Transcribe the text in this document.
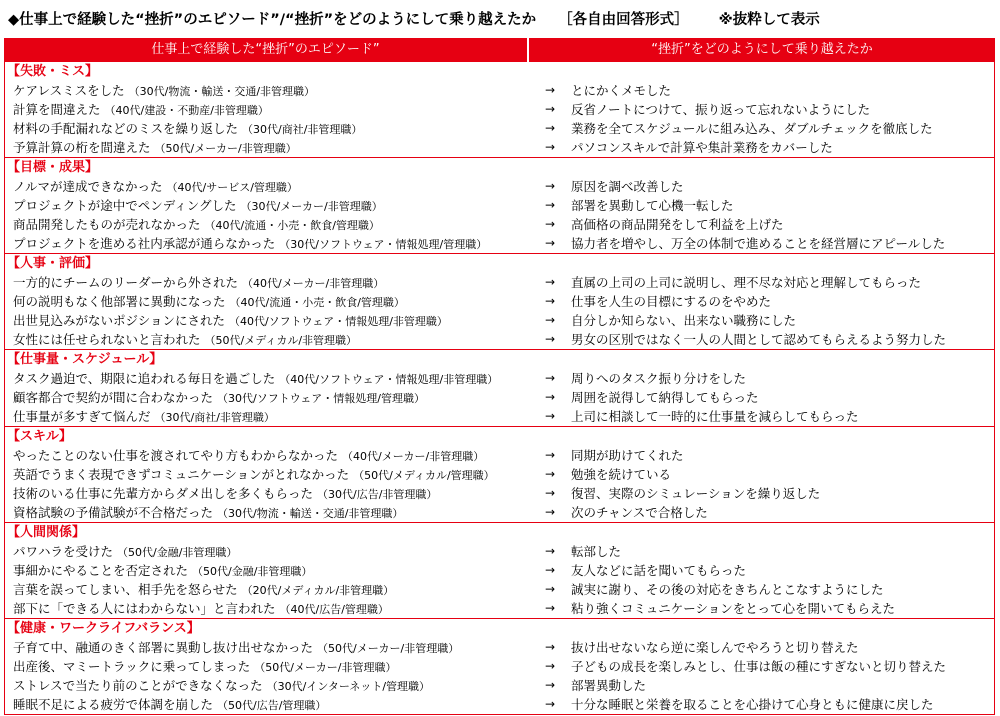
◆仕事上で経験した“挫折”のエピソード”/“挫折”をどのようにして乗り越えたか ［各自由回答形式］ ※抜粋して表示
仕事上で経験した“挫折”のエピソード”	“挫折”をどのようにして乗り越えたか
【失敗・ミス】
ケアレスミスをした （30代/物流・輸送・交通/非管理職）	→ とにかくメモした
計算を間違えた （40代/建設・不動産/非管理職）	→ 反省ノートにつけて、振り返って忘れないようにした
材料の手配漏れなどのミスを繰り返した （30代/商社/非管理職）	→ 業務を全てスケジュールに組み込み、ダブルチェックを徹底した
予算計算の桁を間違えた （50代/メーカー/非管理職）	→ パソコンスキルで計算や集計業務をカバーした
【目標・成果】
ノルマが達成できなかった （40代/サービス/管理職）	→ 原因を調べ改善した
プロジェクトが途中でペンディングした （30代/メーカー/非管理職）	→ 部署を異動して心機一転した
商品開発したものが売れなかった （40代/流通・小売・飲食/管理職）	→ 高価格の商品開発をして利益を上げた
プロジェクトを進める社内承認が通らなかった （30代/ソフトウェア・情報処理/管理職）	→ 協力者を増やし、万全の体制で進めることを経営層にアピールした
【人事・評価】
一方的にチームのリーダーから外された （40代/メーカー/非管理職）	→ 直属の上司の上司に説明し、理不尽な対応と理解してもらった
何の説明もなく他部署に異動になった （40代/流通・小売・飲食/管理職）	→ 仕事を人生の目標にするのをやめた
出世見込みがないポジションにされた （40代/ソフトウェア・情報処理/非管理職）	→ 自分しか知らない、出来ない職務にした
女性には任せられないと言われた （50代/メディカル/非管理職）	→ 男女の区別ではなく一人の人間として認めてもらえるよう努力した
【仕事量・スケジュール】
タスク過迫で、期限に追われる毎日を過ごした （40代/ソフトウェア・情報処理/非管理職）	→ 周りへのタスク振り分けをした
顧客都合で契約が間に合わなかった （30代/ソフトウェア・情報処理/管理職）	→ 周囲を説得して納得してもらった
仕事量が多すぎて悩んだ （30代/商社/非管理職）	→ 上司に相談して一時的に仕事量を減らしてもらった
【スキル】
やったことのない仕事を渡されてやり方もわからなかった （40代/メーカー/非管理職）	→ 同期が助けてくれた
英語でうまく表現できずコミュニケーションがとれなかった （50代/メディカル/管理職）	→ 勉強を続けている
技術のいる仕事に先輩方からダメ出しを多くもらった （30代/広告/非管理職）	→ 復習、実際のシミュレーションを繰り返した
資格試験の予備試験が不合格だった （30代/物流・輸送・交通/非管理職）	→ 次のチャンスで合格した
【人間関係】
パワハラを受けた （50代/金融/非管理職）	→ 転部した
事細かにやることを否定された （50代/金融/非管理職）	→ 友人などに話を聞いてもらった
言葉を誤ってしまい、相手先を怒らせた （20代/メディカル/非管理職）	→ 誠実に謝り、その後の対応をきちんとこなすようにした
部下に「できる人にはわからない」と言われた （40代/広告/管理職）	→ 粘り強くコミュニケーションをとって心を開いてもらえた
【健康・ワークライフバランス】
子育て中、融通のきく部署に異動し抜け出せなかった （50代/メーカー/非管理職）	→ 抜け出せないなら逆に楽しんでやろうと切り替えた
出産後、マミートラックに乗ってしまった （50代/メーカー/非管理職）	→ 子どもの成長を楽しみとし、仕事は飯の種にすぎないと切り替えた
ストレスで当たり前のことができなくなった （30代/インターネット/管理職）	→ 部署異動した
睡眠不足による疲労で体調を崩した （50代/広告/管理職）	→ 十分な睡眠と栄養を取ることを心掛けて心身ともに健康に戻した
